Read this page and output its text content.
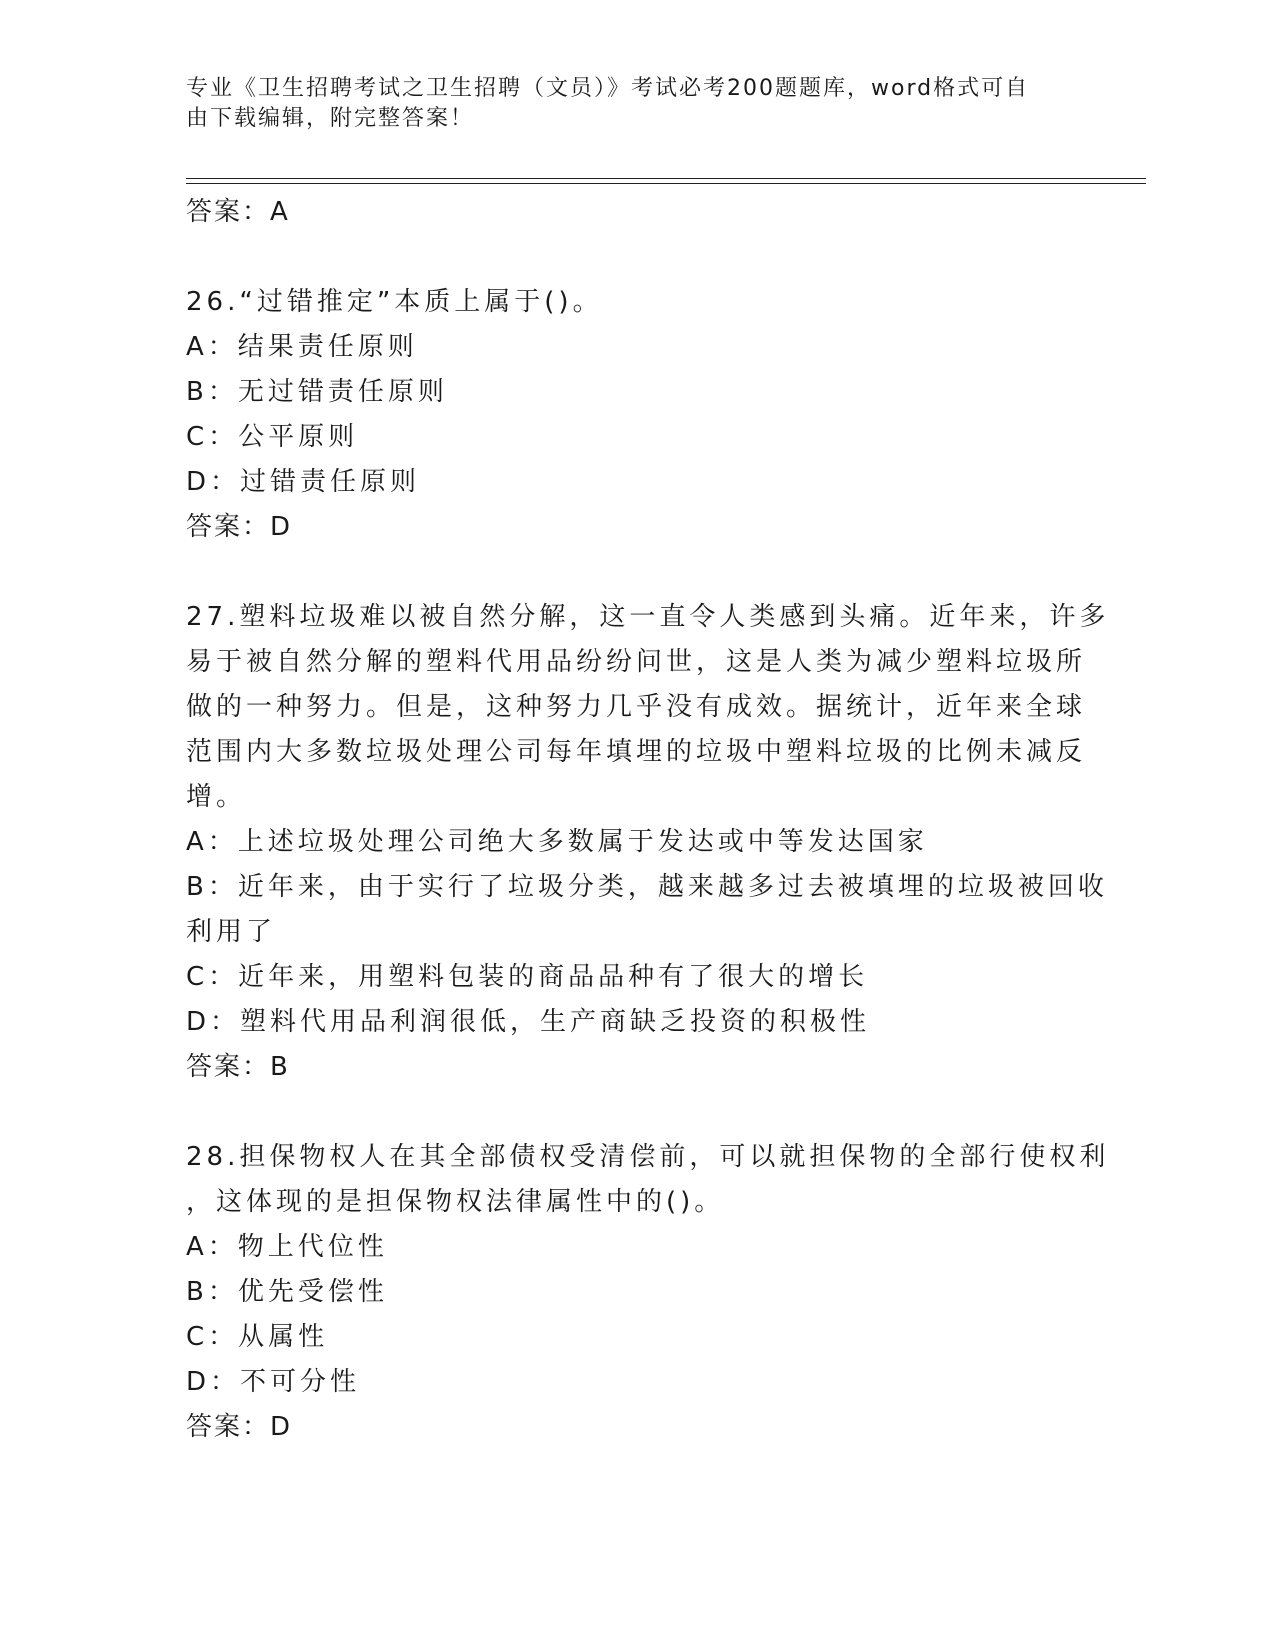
专业《卫生招聘考试之卫生招聘（文员）》考试必考200题题库，word格式可自
由下载编辑，附完整答案！
答案：A
26.“过错推定”本质上属于()。
A：结果责任原则
B：无过错责任原则
C：公平原则
D：过错责任原则
答案：D
27.塑料垃圾难以被自然分解，这一直令人类感到头痛。近年来，许多
易于被自然分解的塑料代用品纷纷问世，这是人类为减少塑料垃圾所
做的一种努力。但是，这种努力几乎没有成效。据统计，近年来全球
范围内大多数垃圾处理公司每年填埋的垃圾中塑料垃圾的比例未减反
增。
A：上述垃圾处理公司绝大多数属于发达或中等发达国家
B：近年来，由于实行了垃圾分类，越来越多过去被填埋的垃圾被回收
利用了
C：近年来，用塑料包装的商品品种有了很大的增长
D：塑料代用品利润很低，生产商缺乏投资的积极性
答案：B
28.担保物权人在其全部债权受清偿前，可以就担保物的全部行使权利
，这体现的是担保物权法律属性中的()。
A：物上代位性
B：优先受偿性
C：从属性
D：不可分性
答案：D
